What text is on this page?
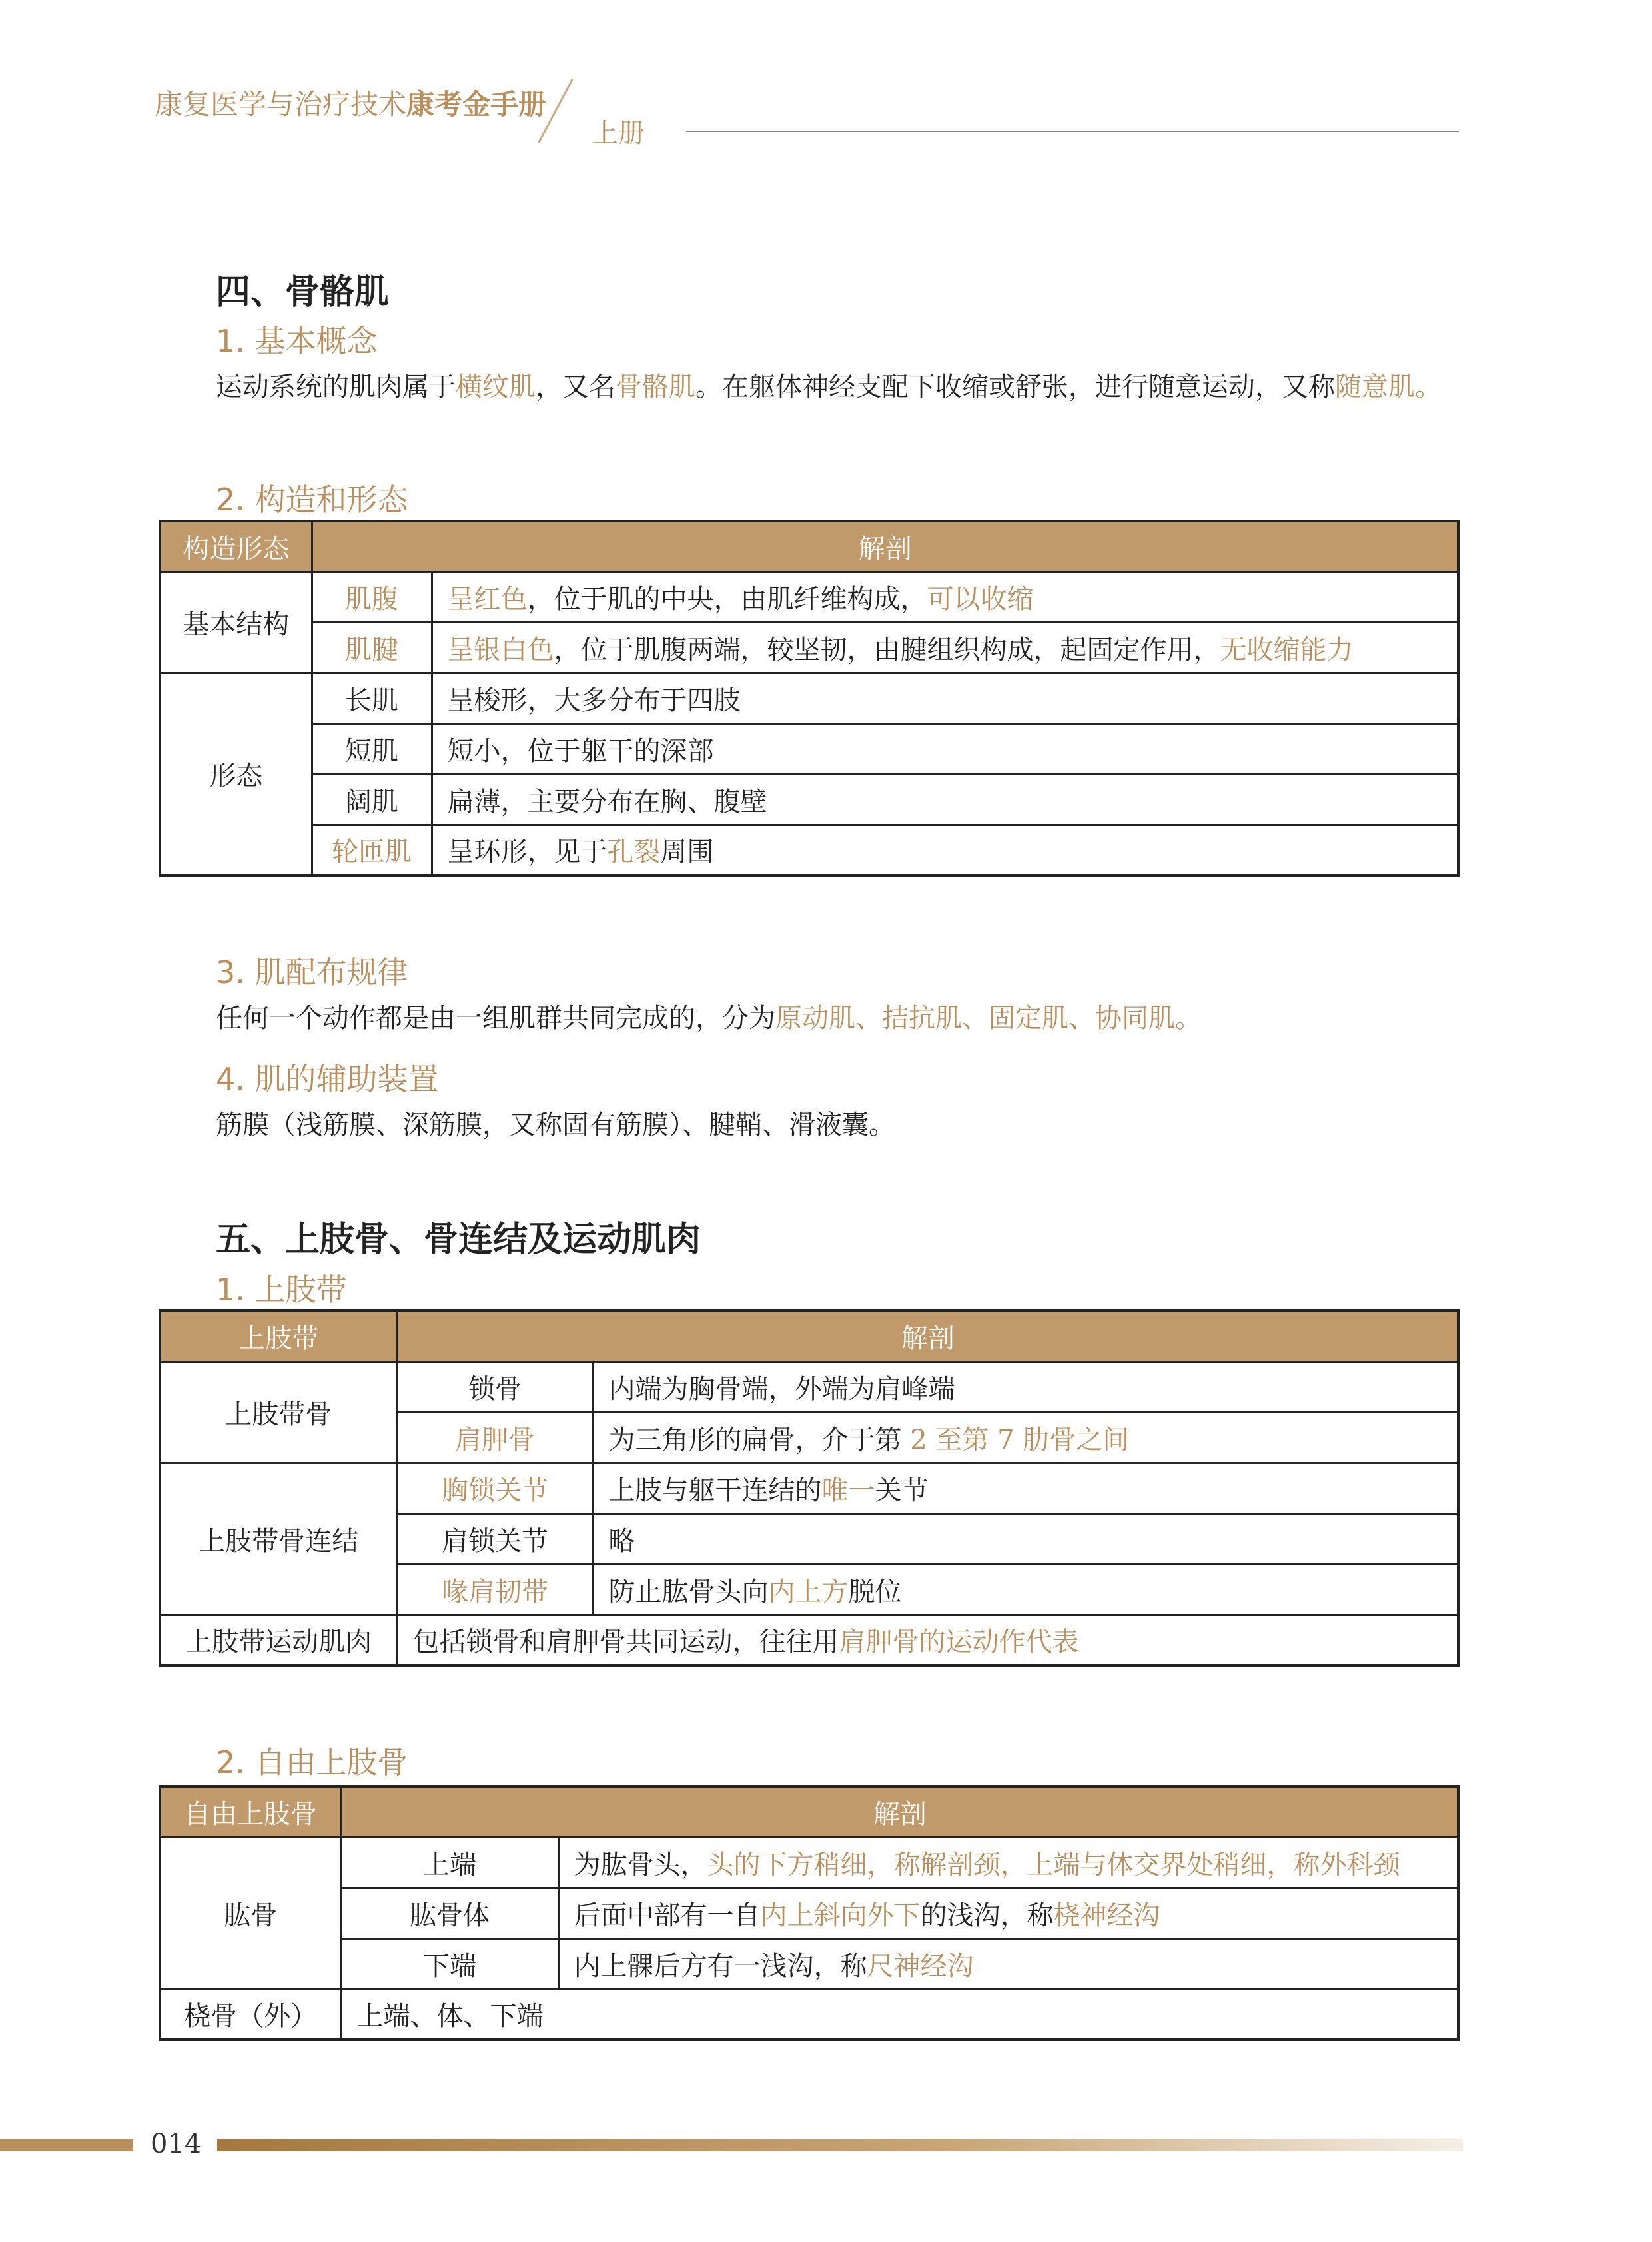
康复医学与治疗技术康考金手册
上册
四、骨骼肌
1. 基本概念
运动系统的肌肉属于横纹肌，又名骨骼肌。在躯体神经支配下收缩或舒张，进行随意运动，又称随意肌。
2. 构造和形态
构造形态	解剖	
基本结构	肌腹	呈红色，位于肌的中央，由肌纤维构成，可以收缩
	肌腱	呈银白色，位于肌腹两端，较坚韧，由腱组织构成，起固定作用，无收缩能力
形态	长肌	呈梭形，大多分布于四肢
	短肌	短小，位于躯干的深部
	阔肌	扁薄，主要分布在胸、腹壁
	轮匝肌	呈环形，见于孔裂周围
3. 肌配布规律
任何一个动作都是由一组肌群共同完成的，分为原动肌、拮抗肌、固定肌、协同肌。
4. 肌的辅助装置
筋膜（浅筋膜、深筋膜，又称固有筋膜）、腱鞘、滑液囊。
五、上肢骨、骨连结及运动肌肉
1. 上肢带
上肢带	解剖	
上肢带骨	锁骨	内端为胸骨端，外端为肩峰端
	肩胛骨	为三角形的扁骨，介于第 2 至第 7 肋骨之间
上肢带骨连结	胸锁关节	上肢与躯干连结的唯一关节
	肩锁关节	略
	喙肩韧带	防止肱骨头向内上方脱位
上肢带运动肌肉	包括锁骨和肩胛骨共同运动，往往用肩胛骨的运动作代表	
2. 自由上肢骨
自由上肢骨	解剖	
肱骨	上端	为肱骨头，头的下方稍细，称解剖颈，上端与体交界处稍细，称外科颈
	肱骨体	后面中部有一自内上斜向外下的浅沟，称桡神经沟
	下端	内上髁后方有一浅沟，称尺神经沟
桡骨（外）	上端、体、下端	
014
